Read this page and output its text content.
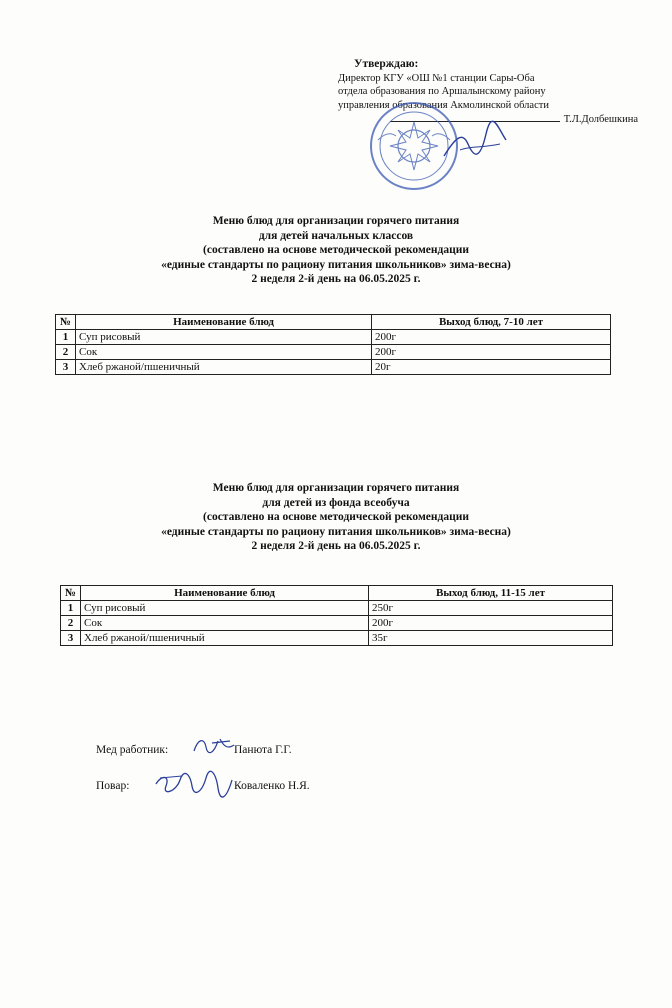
Утверждаю:
Директор КГУ «ОШ №1 станции Сары-Оба
отдела образования по Аршалынскому району
управления образования Акмолинской области
Т.Л.Долбешкина
Меню блюд для организации горячего питания
для детей начальных классов
(составлено на основе методической рекомендации
«единые стандарты по рациону питания школьников» зима-весна)
2 неделя 2-й день на 06.05.2025 г.
№	Наименование блюд	Выход блюд, 7-10 лет
1	Суп рисовый	200г
2	Сок	200г
3	Хлеб ржаной/пшеничный	20г
Меню блюд для организации горячего питания
для детей из фонда всеобуча
(составлено на основе методической рекомендации
«единые стандарты по рациону питания школьников» зима-весна)
2 неделя 2-й день на 06.05.2025 г.
№	Наименование блюд	Выход блюд, 11-15 лет
1	Суп рисовый	250г
2	Сок	200г
3	Хлеб ржаной/пшеничный	35г
Мед работник:	Панюта Г.Г.
Повар:	Коваленко Н.Я.
